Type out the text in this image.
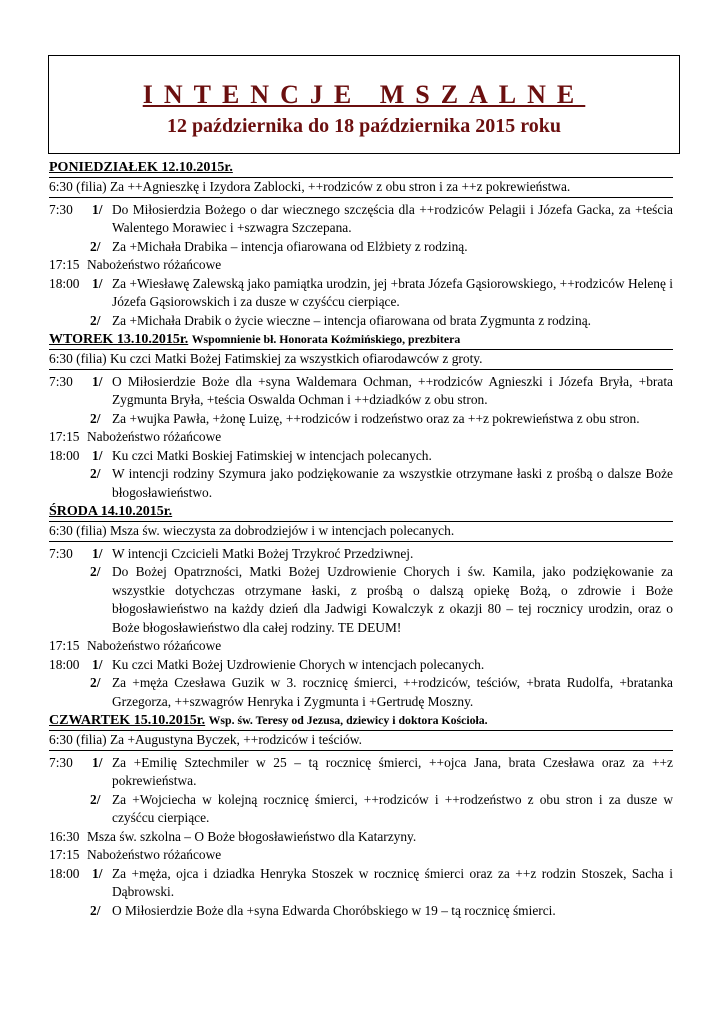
INTENCJE MSZALNE
12 października do 18 października 2015 roku
PONIEDZIAŁEK 12.10.2015r.
6:30 (filia) Za ++Agnieszkę i Izydora Zablocki, ++rodziców z obu stron i za ++z pokrewieństwa.
7:30 1/ Do Miłosierdzia Bożego o dar wiecznego szczęścia dla ++rodziców Pelagii i Józefa Gacka, za +teścia Walentego Morawiec i +szwagra Szczepana.
2/ Za +Michała Drabika – intencja ofiarowana od Elżbiety z rodziną.
17:15 Nabożeństwo różańcowe
18:00 1/ Za +Wiesławę Zalewską jako pamiątka urodzin, jej +brata Józefa Gąsiorowskiego, ++rodziców Helenę i Józefa Gąsiorowskich i za dusze w czyśćcu cierpiące.
2/ Za +Michała Drabik o życie wieczne – intencja ofiarowana od brata Zygmunta z rodziną.
WTOREK 13.10.2015r. Wspomnienie bł. Honorata Koźmińskiego, prezbitera
6:30 (filia) Ku czci Matki Bożej Fatimskiej za wszystkich ofiarodawców z groty.
7:30 1/ O Miłosierdzie Boże dla +syna Waldemara Ochman, ++rodziców Agnieszki i Józefa Bryła, +brata Zygmunta Bryła, +teścia Oswalda Ochman i ++dziadków z obu stron.
2/ Za +wujka Pawła, +żonę Luizę, ++rodziców i rodzeństwo oraz za ++z pokrewieństwa z obu stron.
17:15 Nabożeństwo różańcowe
18:00 1/ Ku czci Matki Boskiej Fatimskiej w intencjach polecanych.
2/ W intencji rodziny Szymura jako podziękowanie za wszystkie otrzymane łaski z prośbą o dalsze Boże błogosławieństwo.
ŚRODA 14.10.2015r.
6:30 (filia) Msza św. wieczysta za dobrodziejów i w intencjach polecanych.
7:30 1/ W intencji Czcicieli Matki Bożej Trzykroć Przedziwnej.
2/ Do Bożej Opatrzności, Matki Bożej Uzdrowienie Chorych i św. Kamila, jako podziękowanie za wszystkie dotychczas otrzymane łaski, z prośbą o dalszą opiekę Bożą, o zdrowie i Boże błogosławieństwo na każdy dzień dla Jadwigi Kowalczyk z okazji 80 – tej rocznicy urodzin, oraz o Boże błogosławieństwo dla całej rodziny. TE DEUM!
17:15 Nabożeństwo różańcowe
18:00 1/ Ku czci Matki Bożej Uzdrowienie Chorych w intencjach polecanych.
2/ Za +męża Czesława Guzik w 3. rocznicę śmierci, ++rodziców, teściów, +brata Rudolfa, +bratanka Grzegorza, ++szwagrów Henryka i Zygmunta i +Gertrudę Moszny.
CZWARTEK 15.10.2015r. Wsp. św. Teresy od Jezusa, dziewicy i doktora Kościoła.
6:30 (filia) Za +Augustyna Byczek, ++rodziców i teściów.
7:30 1/ Za +Emilię Sztechmiler w 25 – tą rocznicę śmierci, ++ojca Jana, brata Czesława oraz za ++z pokrewieństwa.
2/ Za +Wojciecha w kolejną rocznicę śmierci, ++rodziców i ++rodzeństwo z obu stron i za dusze w czyśćcu cierpiące.
16:30 Msza św. szkolna – O Boże błogosławieństwo dla Katarzyny.
17:15 Nabożeństwo różańcowe
18:00 1/ Za +męża, ojca i dziadka Henryka Stoszek w rocznicę śmierci oraz za ++z rodzin Stoszek, Sacha i Dąbrowski.
2/ O Miłosierdzie Boże dla +syna Edwarda Choróbskiego w 19 – tą rocznicę śmierci.
